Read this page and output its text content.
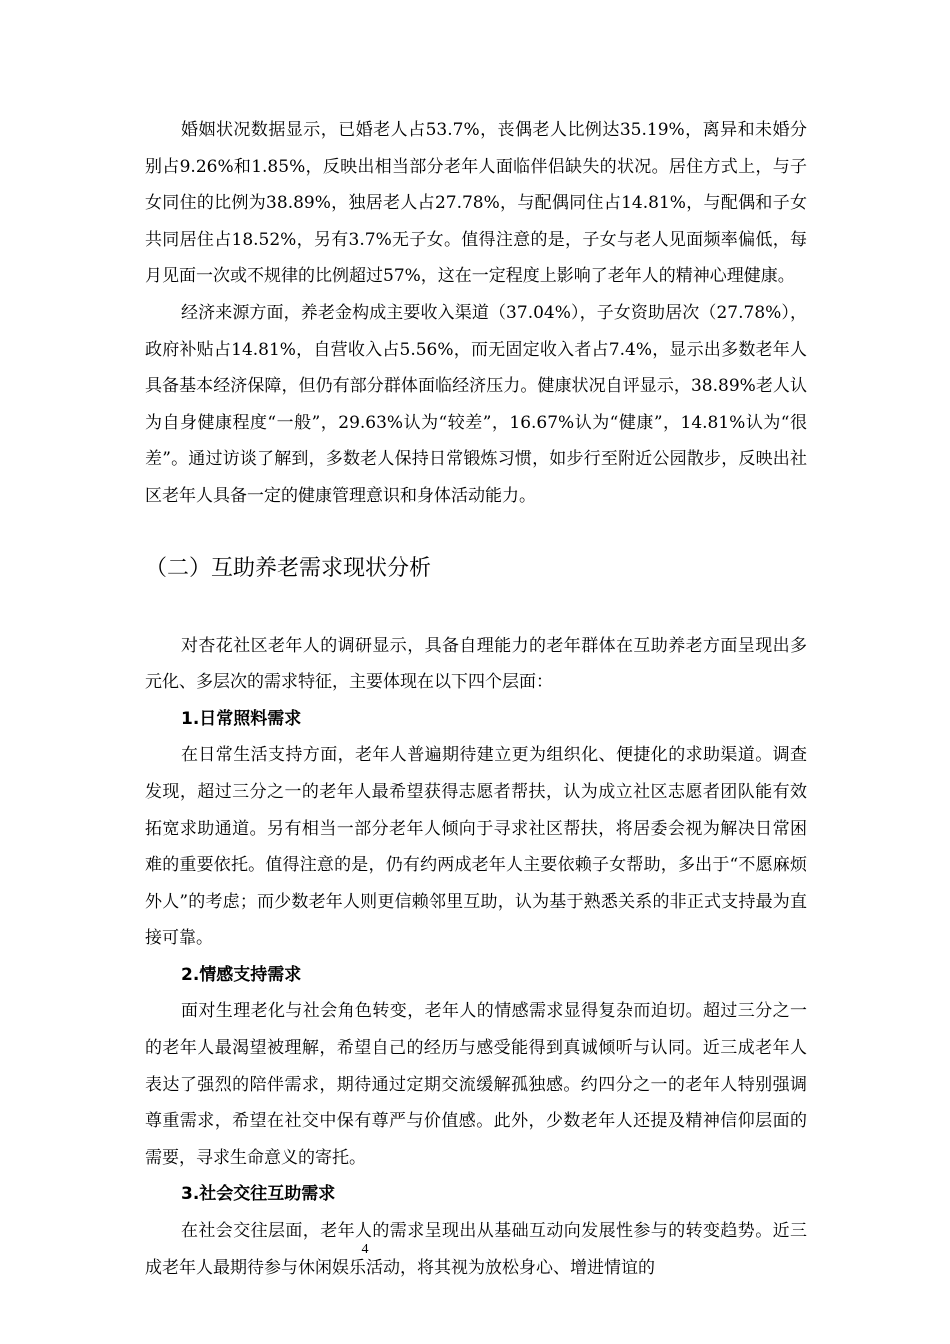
婚姻状况数据显示，已婚老人占53.7%，丧偶老人比例达35.19%，离异和未婚分别占9.26%和1.85%，反映出相当部分老年人面临伴侣缺失的状况。居住方式上，与子女同住的比例为38.89%，独居老人占27.78%，与配偶同住占14.81%，与配偶和子女共同居住占18.52%，另有3.7%无子女。值得注意的是，子女与老人见面频率偏低，每月见面一次或不规律的比例超过57%，这在一定程度上影响了老年人的精神心理健康。

经济来源方面，养老金构成主要收入渠道（37.04%），子女资助居次（27.78%），政府补贴占14.81%，自营收入占5.56%，而无固定收入者占7.4%，显示出多数老年人具备基本经济保障，但仍有部分群体面临经济压力。健康状况自评显示，38.89%老人认为自身健康程度“一般”，29.63%认为“较差”，16.67%认为“健康”，14.81%认为“很差”。通过访谈了解到，多数老人保持日常锻炼习惯，如步行至附近公园散步，反映出社区老年人具备一定的健康管理意识和身体活动能力。

（二）互助养老需求现状分析

对杏花社区老年人的调研显示，具备自理能力的老年群体在互助养老方面呈现出多元化、多层次的需求特征，主要体现在以下四个层面：

1.日常照料需求

在日常生活支持方面，老年人普遍期待建立更为组织化、便捷化的求助渠道。调查发现，超过三分之一的老年人最希望获得志愿者帮扶，认为成立社区志愿者团队能有效拓宽求助通道。另有相当一部分老年人倾向于寻求社区帮扶，将居委会视为解决日常困难的重要依托。值得注意的是，仍有约两成老年人主要依赖子女帮助，多出于“不愿麻烦外人”的考虑；而少数老年人则更信赖邻里互助，认为基于熟悉关系的非正式支持最为直接可靠。

2.情感支持需求

面对生理老化与社会角色转变，老年人的情感需求显得复杂而迫切。超过三分之一的老年人最渴望被理解，希望自己的经历与感受能得到真诚倾听与认同。近三成老年人表达了强烈的陪伴需求，期待通过定期交流缓解孤独感。约四分之一的老年人特别强调尊重需求，希望在社交中保有尊严与价值感。此外，少数老年人还提及精神信仰层面的需要，寻求生命意义的寄托。

3.社会交往互助需求

在社会交往层面，老年人的需求呈现出从基础互动向发展性参与的转变趋势。近三成老年人最期待参与休闲娱乐活动，将其视为放松身心、增进情谊的

4
